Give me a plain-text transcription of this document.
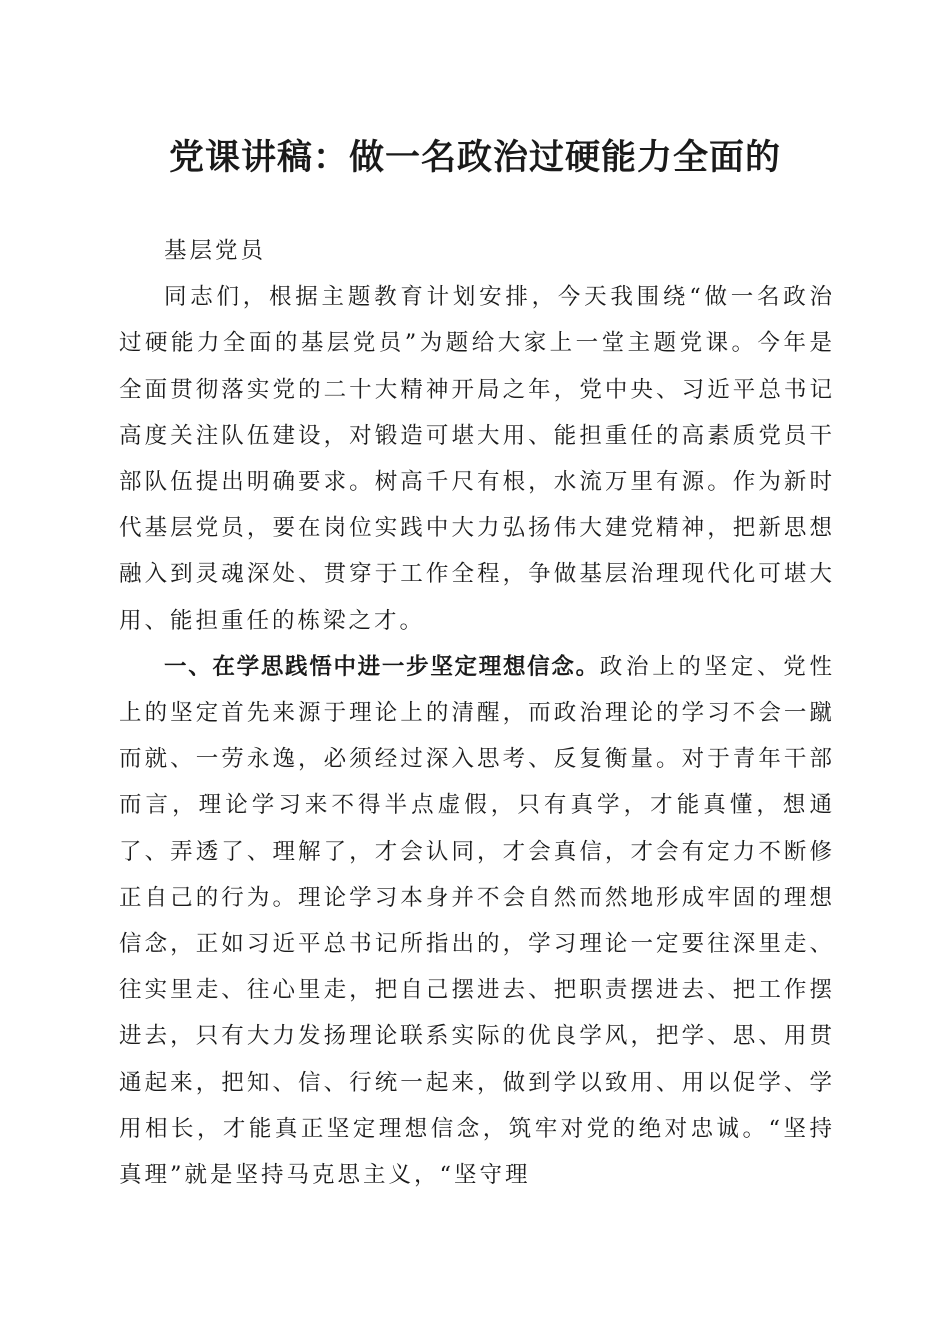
党课讲稿：做一名政治过硬能力全面的

基层党员

同志们，根据主题教育计划安排，今天我围绕“做一名政治过硬能力全面的基层党员”为题给大家上一堂主题党课。今年是全面贯彻落实党的二十大精神开局之年，党中央、习近平总书记高度关注队伍建设，对锻造可堪大用、能担重任的高素质党员干部队伍提出明确要求。树高千尺有根，水流万里有源。作为新时代基层党员，要在岗位实践中大力弘扬伟大建党精神，把新思想融入到灵魂深处、贯穿于工作全程，争做基层治理现代化可堪大用、能担重任的栋梁之才。

一、在学思践悟中进一步坚定理想信念。政治上的坚定、党性上的坚定首先来源于理论上的清醒，而政治理论的学习不会一蹴而就、一劳永逸，必须经过深入思考、反复衡量。对于青年干部而言，理论学习来不得半点虚假，只有真学，才能真懂，想通了、弄透了、理解了，才会认同，才会真信，才会有定力不断修正自己的行为。理论学习本身并不会自然而然地形成牢固的理想信念，正如习近平总书记所指出的，学习理论一定要往深里走、往实里走、往心里走，把自己摆进去、把职责摆进去、把工作摆进去，只有大力发扬理论联系实际的优良学风，把学、思、用贯通起来，把知、信、行统一起来，做到学以致用、用以促学、学用相长，才能真正坚定理想信念，筑牢对党的绝对忠诚。“坚持真理”就是坚持马克思主义，“坚守理
